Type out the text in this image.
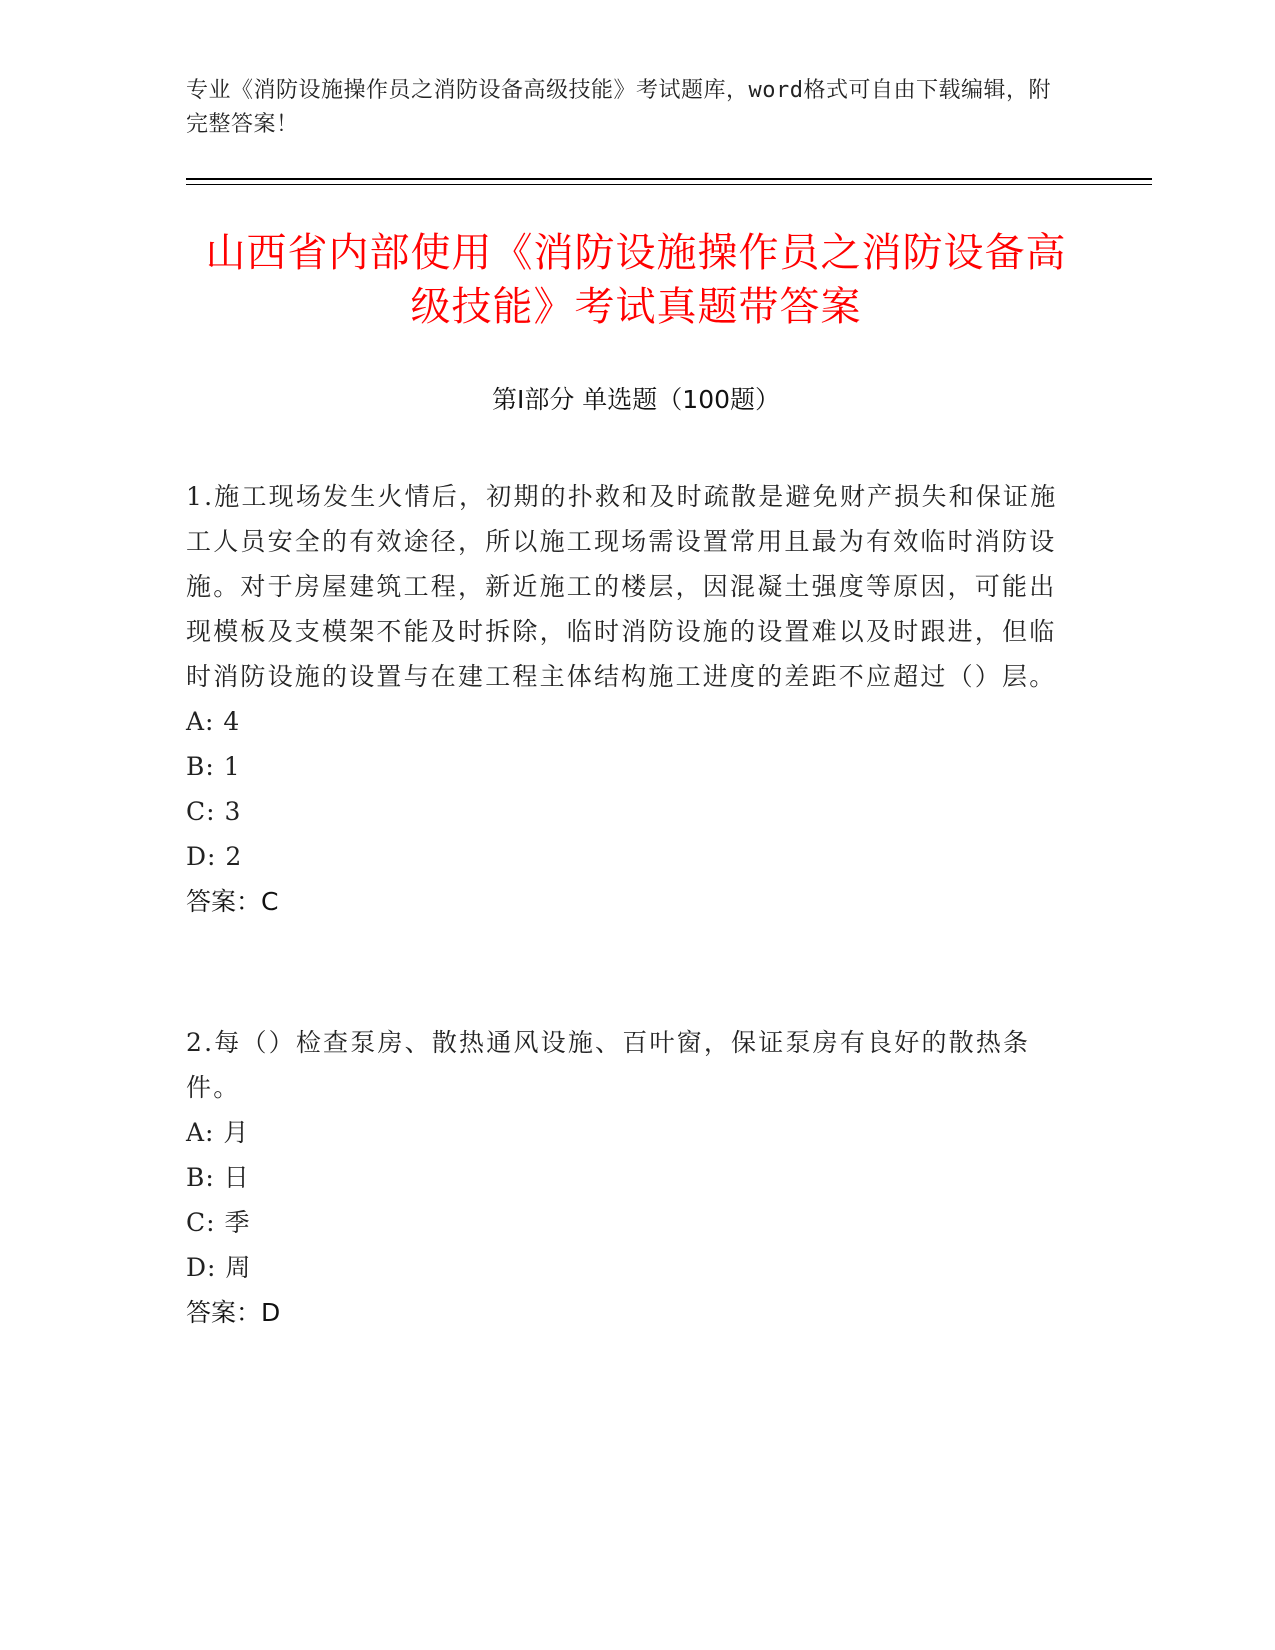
专业《消防设施操作员之消防设备高级技能》考试题库，word格式可自由下载编辑，附完整答案！
山西省内部使用《消防设施操作员之消防设备高级技能》考试真题带答案
第Ⅰ部分 单选题（100题）

1.施工现场发生火情后，初期的扑救和及时疏散是避免财产损失和保证施工人员安全的有效途径，所以施工现场需设置常用且最为有效临时消防设施。对于房屋建筑工程，新近施工的楼层，因混凝土强度等原因，可能出现模板及支模架不能及时拆除，临时消防设施的设置难以及时跟进，但临时消防设施的设置与在建工程主体结构施工进度的差距不应超过（）层。

A: 4

B: 1

C: 3

D: 2

答案：C

2.每（）检查泵房、散热通风设施、百叶窗，保证泵房有良好的散热条件。

A: 月

B: 日

C: 季

D: 周

答案：D
